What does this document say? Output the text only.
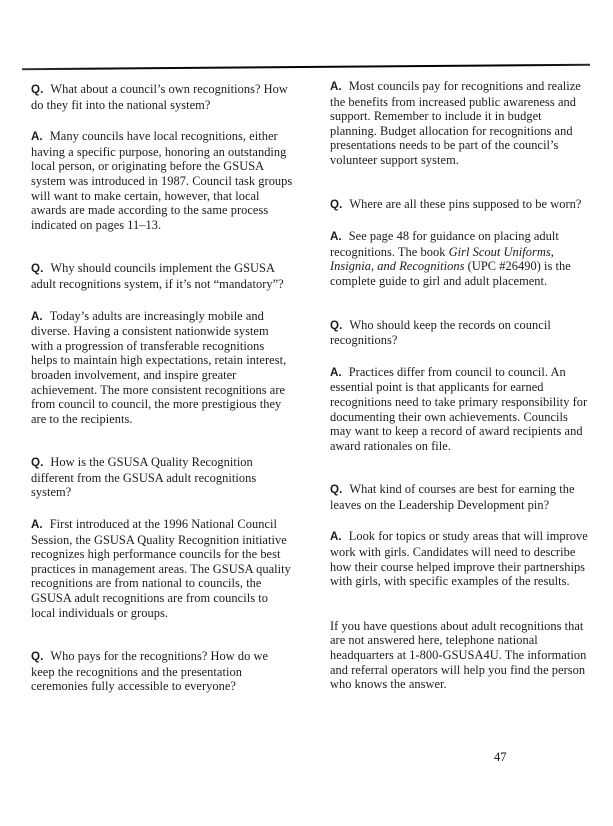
Q. What about a council’s own recognitions? How do they fit into the national system?

A. Many councils have local recognitions, either having a specific purpose, honoring an outstanding local person, or originating before the GSUSA system was introduced in 1987. Council task groups will want to make certain, however, that local awards are made according to the same process indicated on pages 11–13.

Q. Why should councils implement the GSUSA adult recognitions system, if it’s not “mandatory”?

A. Today’s adults are increasingly mobile and diverse. Having a consistent nationwide system with a progression of transferable recognitions helps to maintain high expectations, retain interest, broaden involvement, and inspire greater achievement. The more consistent recognitions are from council to council, the more prestigious they are to the recipients.

Q. How is the GSUSA Quality Recognition different from the GSUSA adult recognitions system?

A. First introduced at the 1996 National Council Session, the GSUSA Quality Recognition initiative recognizes high performance councils for the best practices in management areas. The GSUSA quality recognitions are from national to councils, the GSUSA adult recognitions are from councils to local individuals or groups.

Q. Who pays for the recognitions? How do we keep the recognitions and the presentation ceremonies fully accessible to everyone?

A. Most councils pay for recognitions and realize the benefits from increased public awareness and support. Remember to include it in budget planning. Budget allocation for recognitions and presentations needs to be part of the council’s volunteer support system.

Q. Where are all these pins supposed to be worn?

A. See page 48 for guidance on placing adult recognitions. The book Girl Scout Uniforms, Insignia, and Recognitions (UPC #26490) is the complete guide to girl and adult placement.

Q. Who should keep the records on council recognitions?

A. Practices differ from council to council. An essential point is that applicants for earned recognitions need to take primary responsibility for documenting their own achievements. Councils may want to keep a record of award recipients and award rationales on file.

Q. What kind of courses are best for earning the leaves on the Leadership Development pin?

A. Look for topics or study areas that will improve work with girls. Candidates will need to describe how their course helped improve their partnerships with girls, with specific examples of the results.

If you have questions about adult recognitions that are not answered here, telephone national headquarters at 1-800-GSUSA4U. The information and referral operators will help you find the person who knows the answer.

47
